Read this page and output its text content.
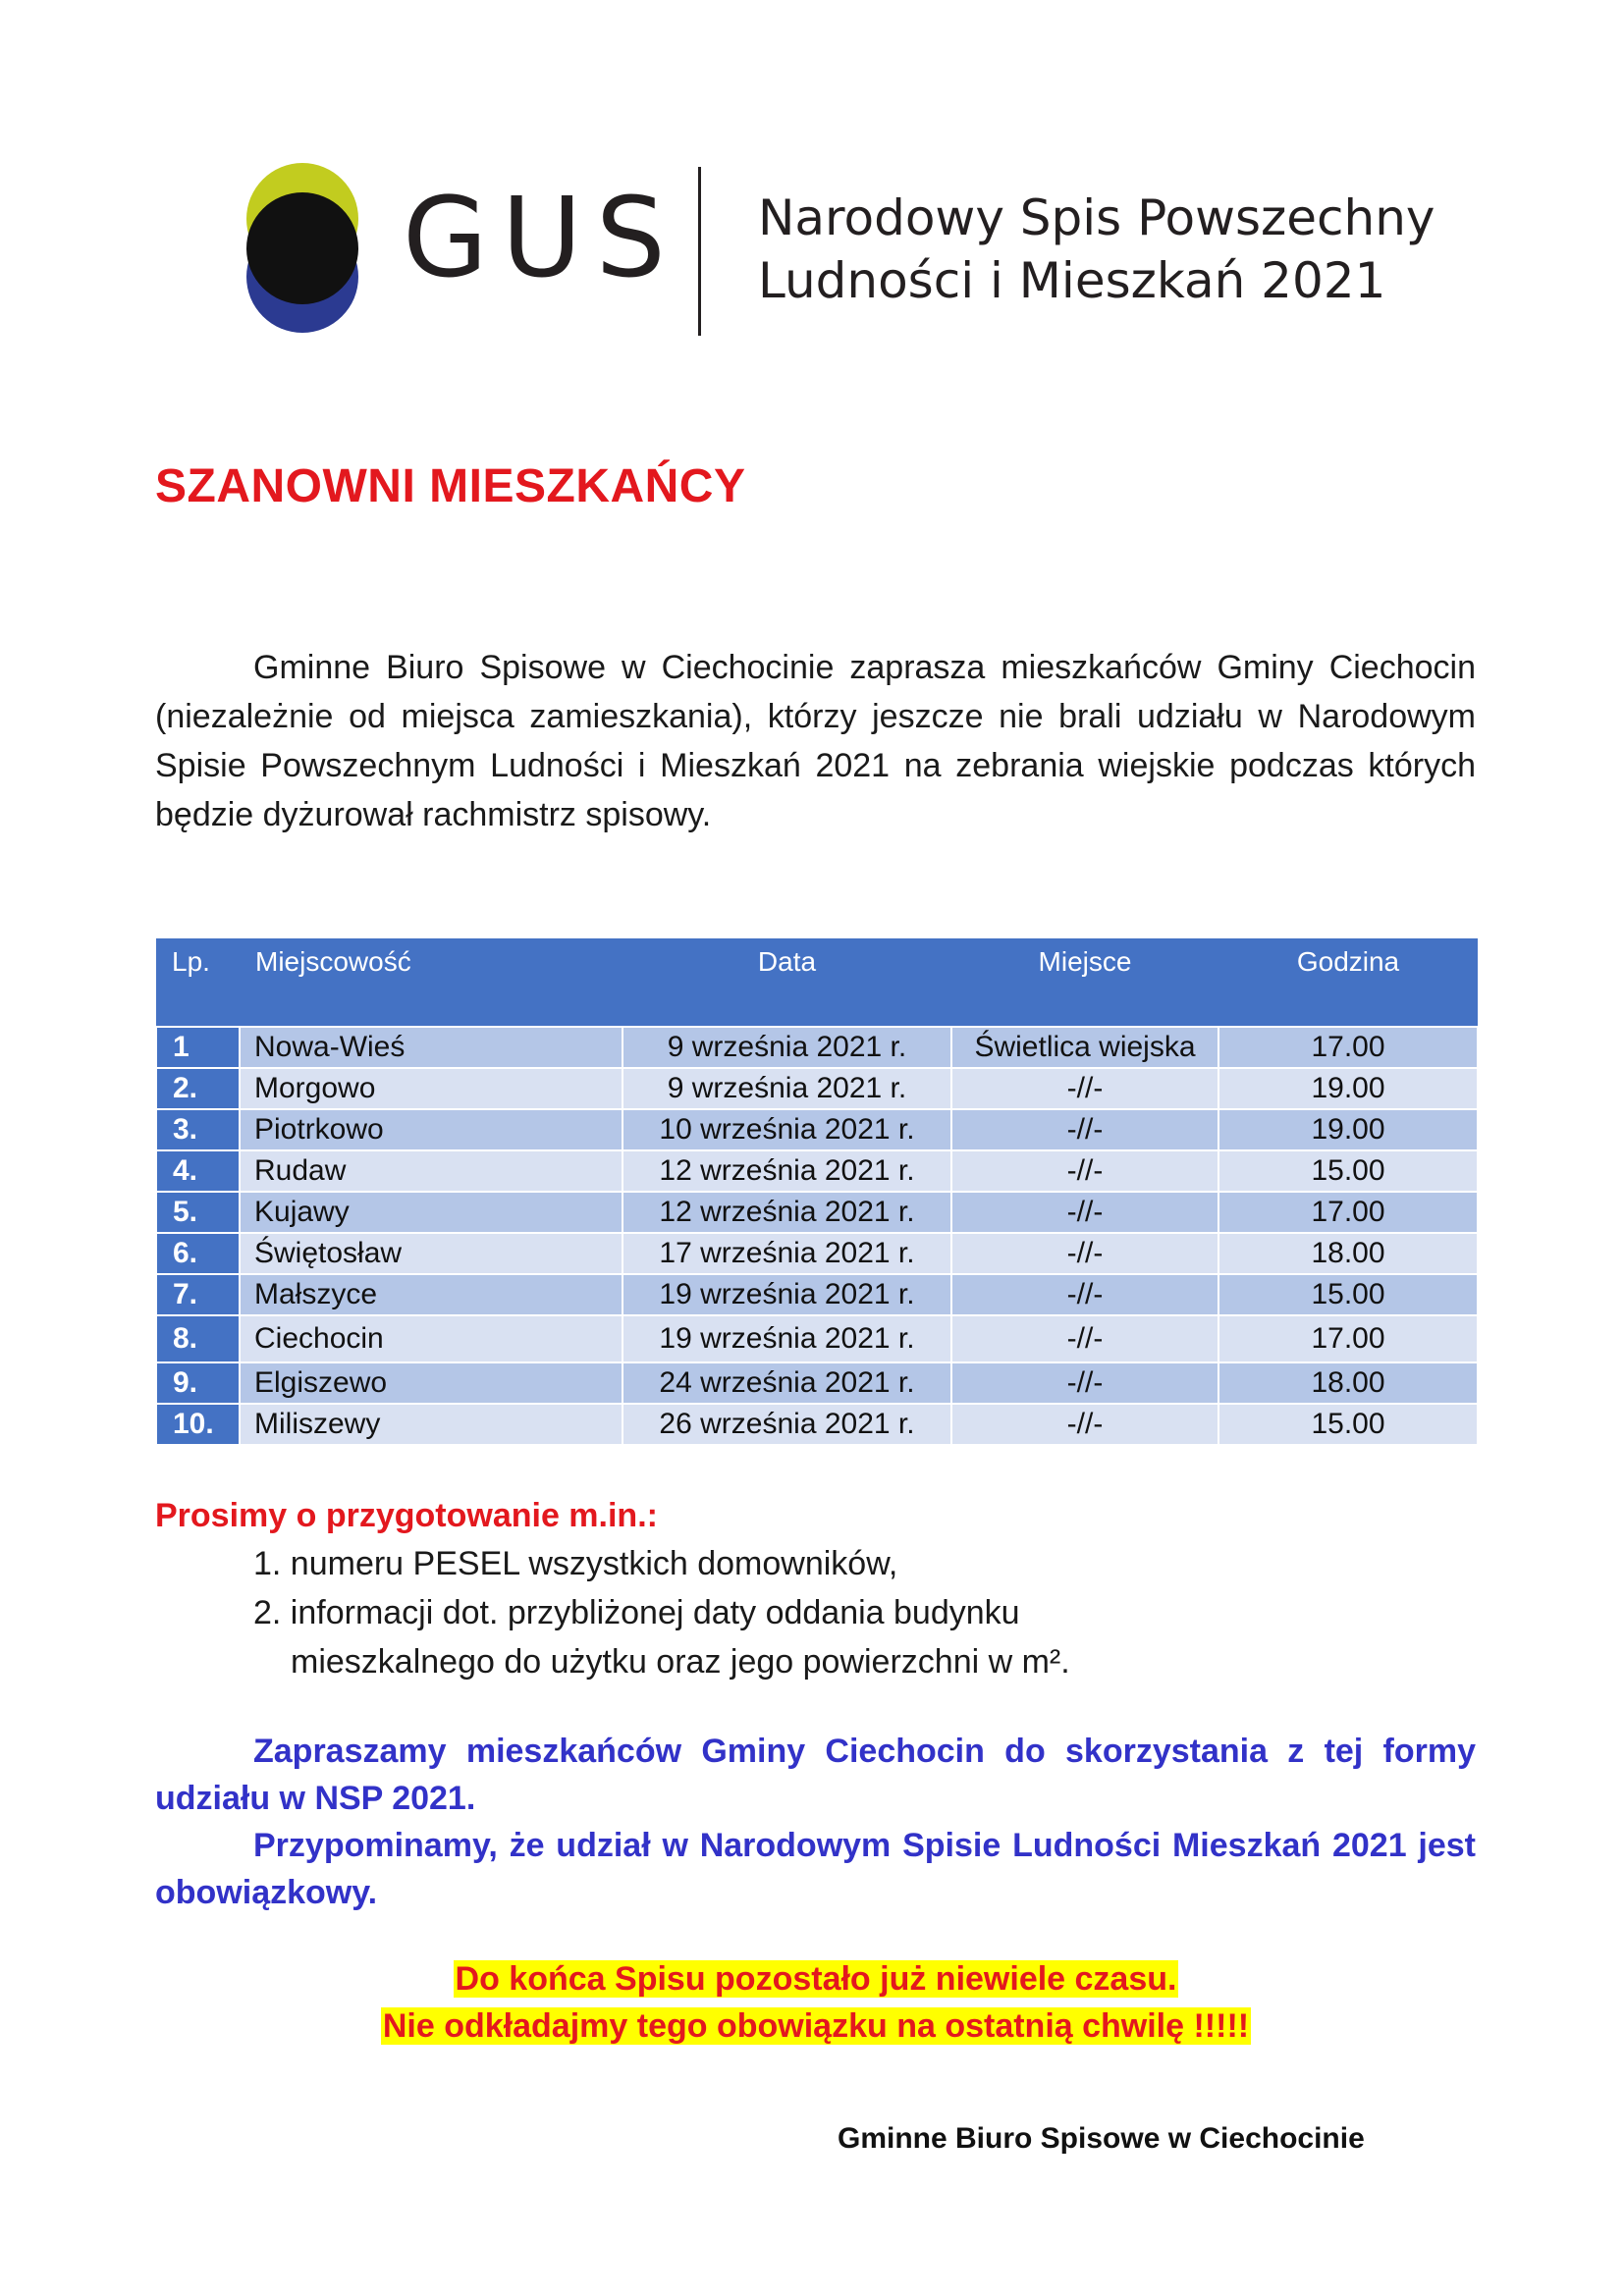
GUS Narodowy Spis Powszechny
Ludności i Mieszkań 2021
SZANOWNI MIESZKAŃCY
Gminne Biuro Spisowe w Ciechocinie zaprasza mieszkańców Gminy Ciechocin (niezależnie od miejsca zamieszkania), którzy jeszcze nie brali udziału w Narodowym Spisie Powszechnym Ludności i Mieszkań 2021 na zebrania wiejskie podczas których będzie dyżurował rachmistrz spisowy.
Lp.	Miejscowość	Data	Miejsce	Godzina
1	Nowa-Wieś	9 września 2021 r.	Świetlica wiejska	17.00
2.	Morgowo	9 września 2021 r.	-//-	19.00
3.	Piotrkowo	10 września 2021 r.	-//-	19.00
4.	Rudaw	12 września 2021 r.	-//-	15.00
5.	Kujawy	12 września 2021 r.	-//-	17.00
6.	Świętosław	17 września 2021 r.	-//-	18.00
7.	Małszyce	19 września 2021 r.	-//-	15.00
8.	Ciechocin	19 września 2021 r.	-//-	17.00
9.	Elgiszewo	24 września 2021 r.	-//-	18.00
10.	Miliszewy	26 września 2021 r.	-//-	15.00
Prosimy o przygotowanie m.in.:
1. numeru PESEL wszystkich domowników,
2. informacji dot. przybliżonej daty oddania budynku
mieszkalnego do użytku oraz jego powierzchni w m².

Zapraszamy mieszkańców Gminy Ciechocin do skorzystania z tej formy udziału w NSP 2021.

Przypominamy, że udział w Narodowym Spisie Ludności Mieszkań 2021 jest obowiązkowy.

Do końca Spisu pozostało już niewiele czasu.
Nie odkładajmy tego obowiązku na ostatnią chwilę !!!!!
Gminne Biuro Spisowe w Ciechocinie
